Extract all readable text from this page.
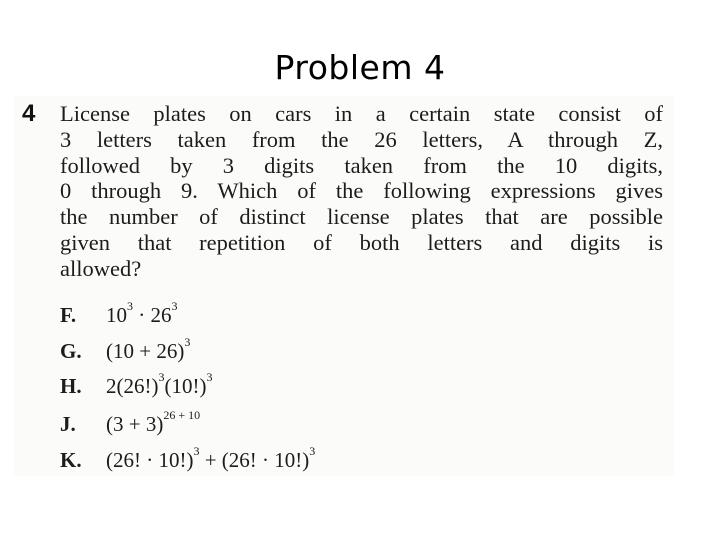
Problem 4
4 License plates on cars in a certain state consist of
3 letters taken from the 26 letters, A through Z,
followed by 3 digits taken from the 10 digits,
0 through 9. Which of the following expressions gives
the number of distinct license plates that are possible
given that repetition of both letters and digits is
allowed?
F. $10^3 \cdot 26^3$
G. $(10 + 26)^3$
H. $2(26!)^3(10!)^3$
J. $(3 + 3)^{26 + 10}$
K. (26! · 10!)$^3$ + (26! · 10!)$^3$
